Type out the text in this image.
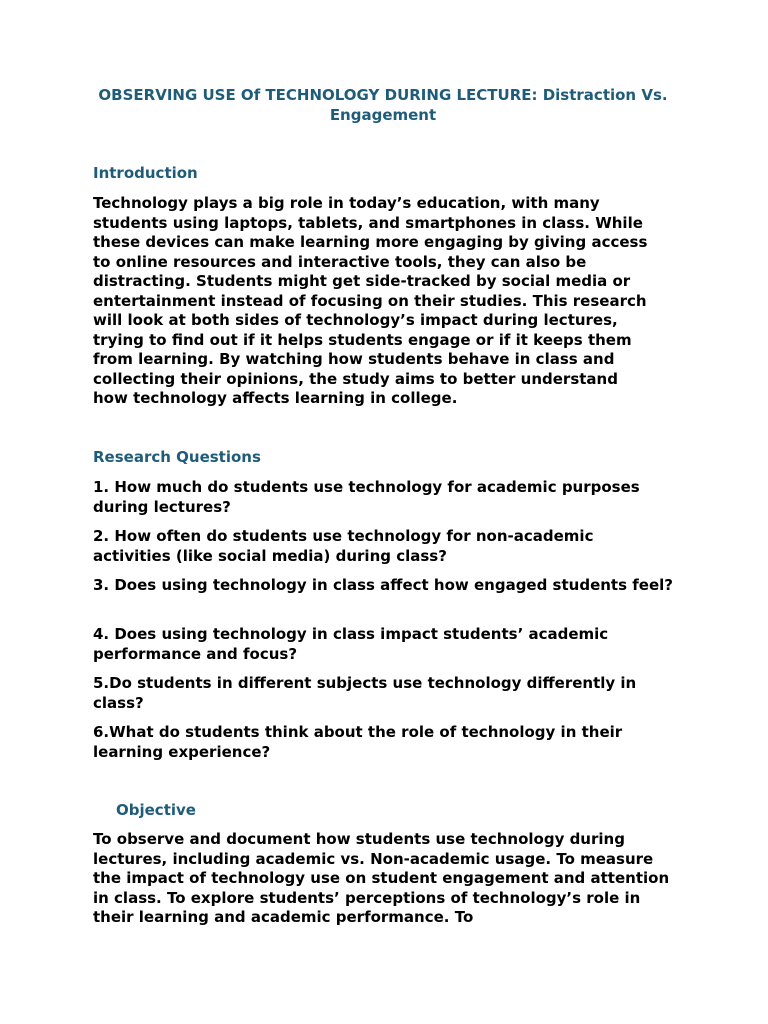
OBSERVING USE Of TECHNOLOGY DURING LECTURE: Distraction Vs. Engagement
Introduction

Technology plays a big role in today’s education, with many students using laptops, tablets, and smartphones in class. While these devices can make learning more engaging by giving access to online resources and interactive tools, they can also be distracting. Students might get side-tracked by social media or entertainment instead of focusing on their studies. This research will look at both sides of technology’s impact during lectures, trying to find out if it helps students engage or if it keeps them from learning. By watching how students behave in class and collecting their opinions, the study aims to better understand how technology affects learning in college.

Research Questions

1. How much do students use technology for academic purposes during lectures?

2. How often do students use technology for non-academic activities (like social media) during class?

3. Does using technology in class affect how engaged students feel?

4. Does using technology in class impact students’ academic performance and focus?

5.Do students in different subjects use technology differently in class?

6.What do students think about the role of technology in their learning experience?

Objective

To observe and document how students use technology during lectures, including academic vs. Non-academic usage. To measure the impact of technology use on student engagement and attention in class. To explore students’ perceptions of technology’s role in their learning and academic performance. To
